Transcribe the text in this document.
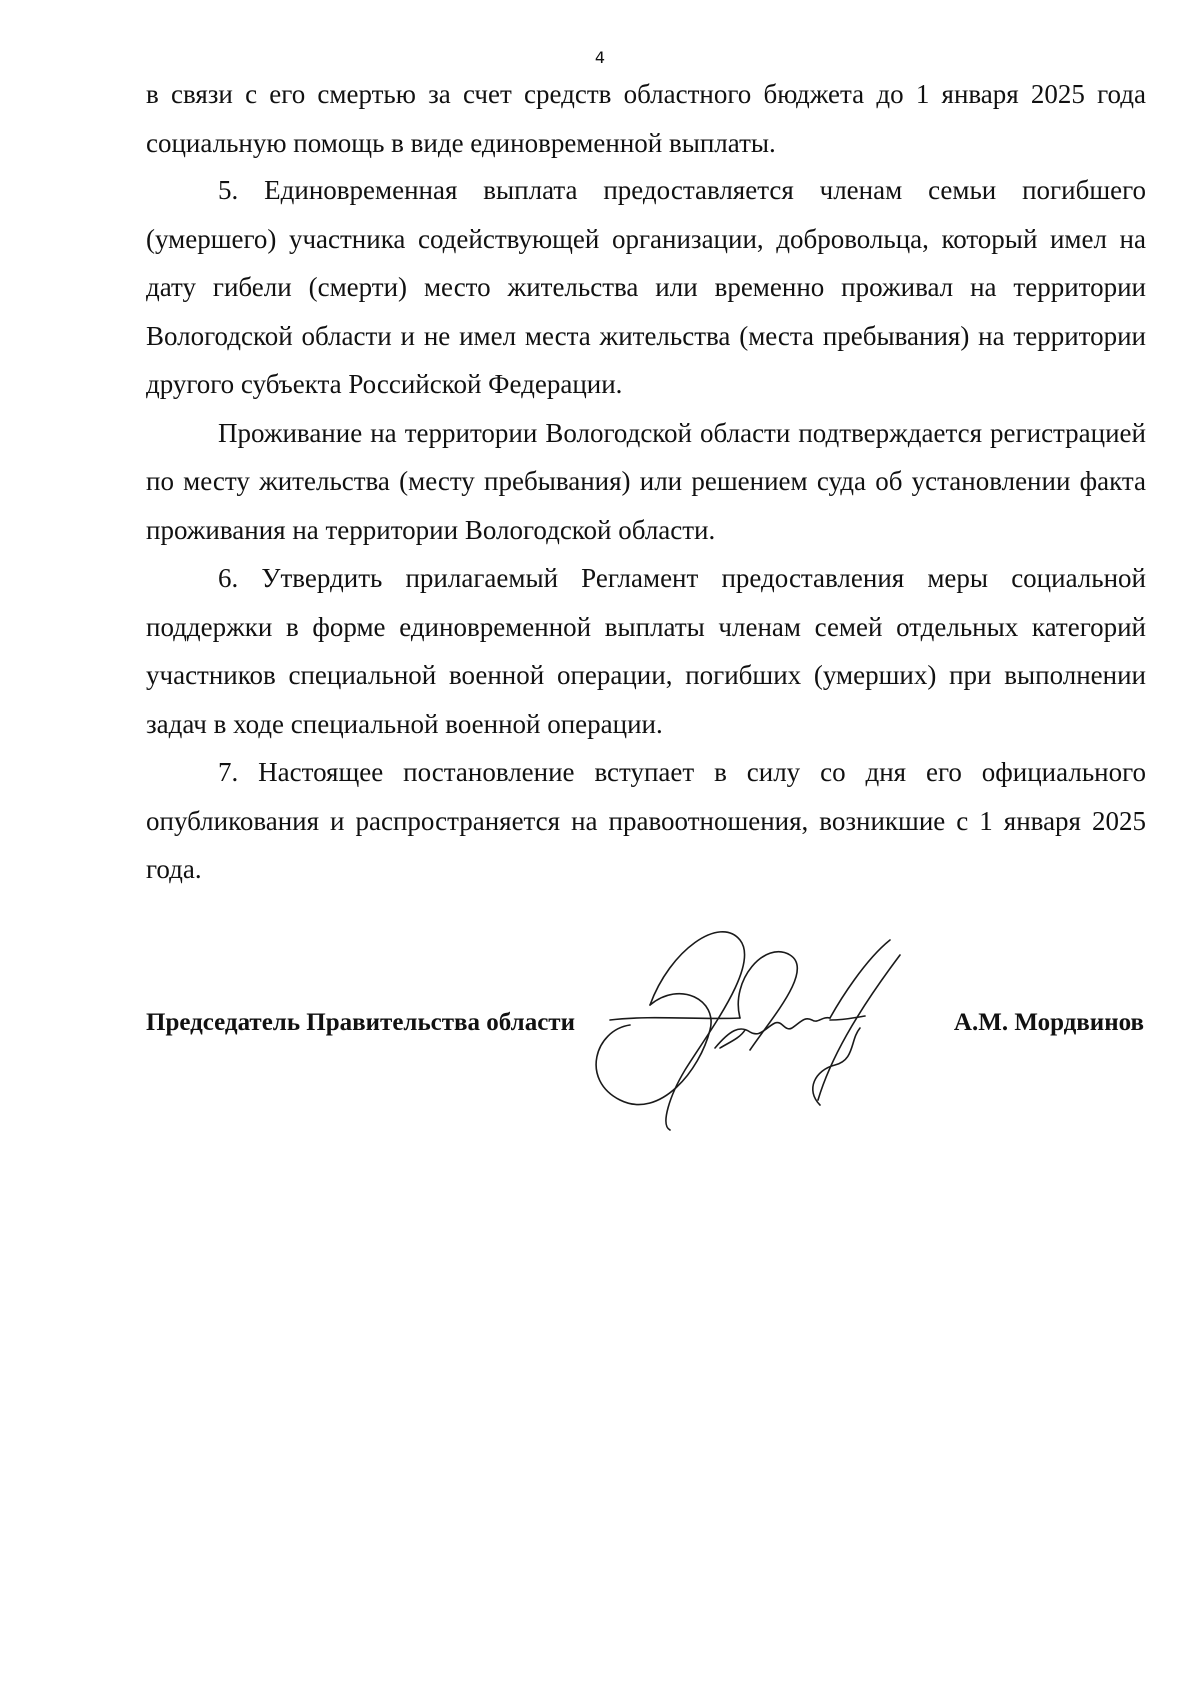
4

в связи с его смертью за счет средств областного бюджета до 1 января 2025 года социальную помощь в виде единовременной выплаты.

5. Единовременная выплата предоставляется членам семьи погибшего (умершего) участника содействующей организации, добровольца, который имел на дату гибели (смерти) место жительства или временно проживал на территории Вологодской области и не имел места жительства (места пребывания) на территории другого субъекта Российской Федерации.

Проживание на территории Вологодской области подтверждается регистрацией по месту жительства (месту пребывания) или решением суда об установлении факта проживания на территории Вологодской области.

6. Утвердить прилагаемый Регламент предоставления меры социальной поддержки в форме единовременной выплаты членам семей отдельных категорий участников специальной военной операции, погибших (умерших) при выполнении задач в ходе специальной военной операции.

7. Настоящее постановление вступает в силу со дня его официального опубликования и распространяется на правоотношения, возникшие с 1 января 2025 года.

Председатель Правительства области	А.М. Мордвинов
